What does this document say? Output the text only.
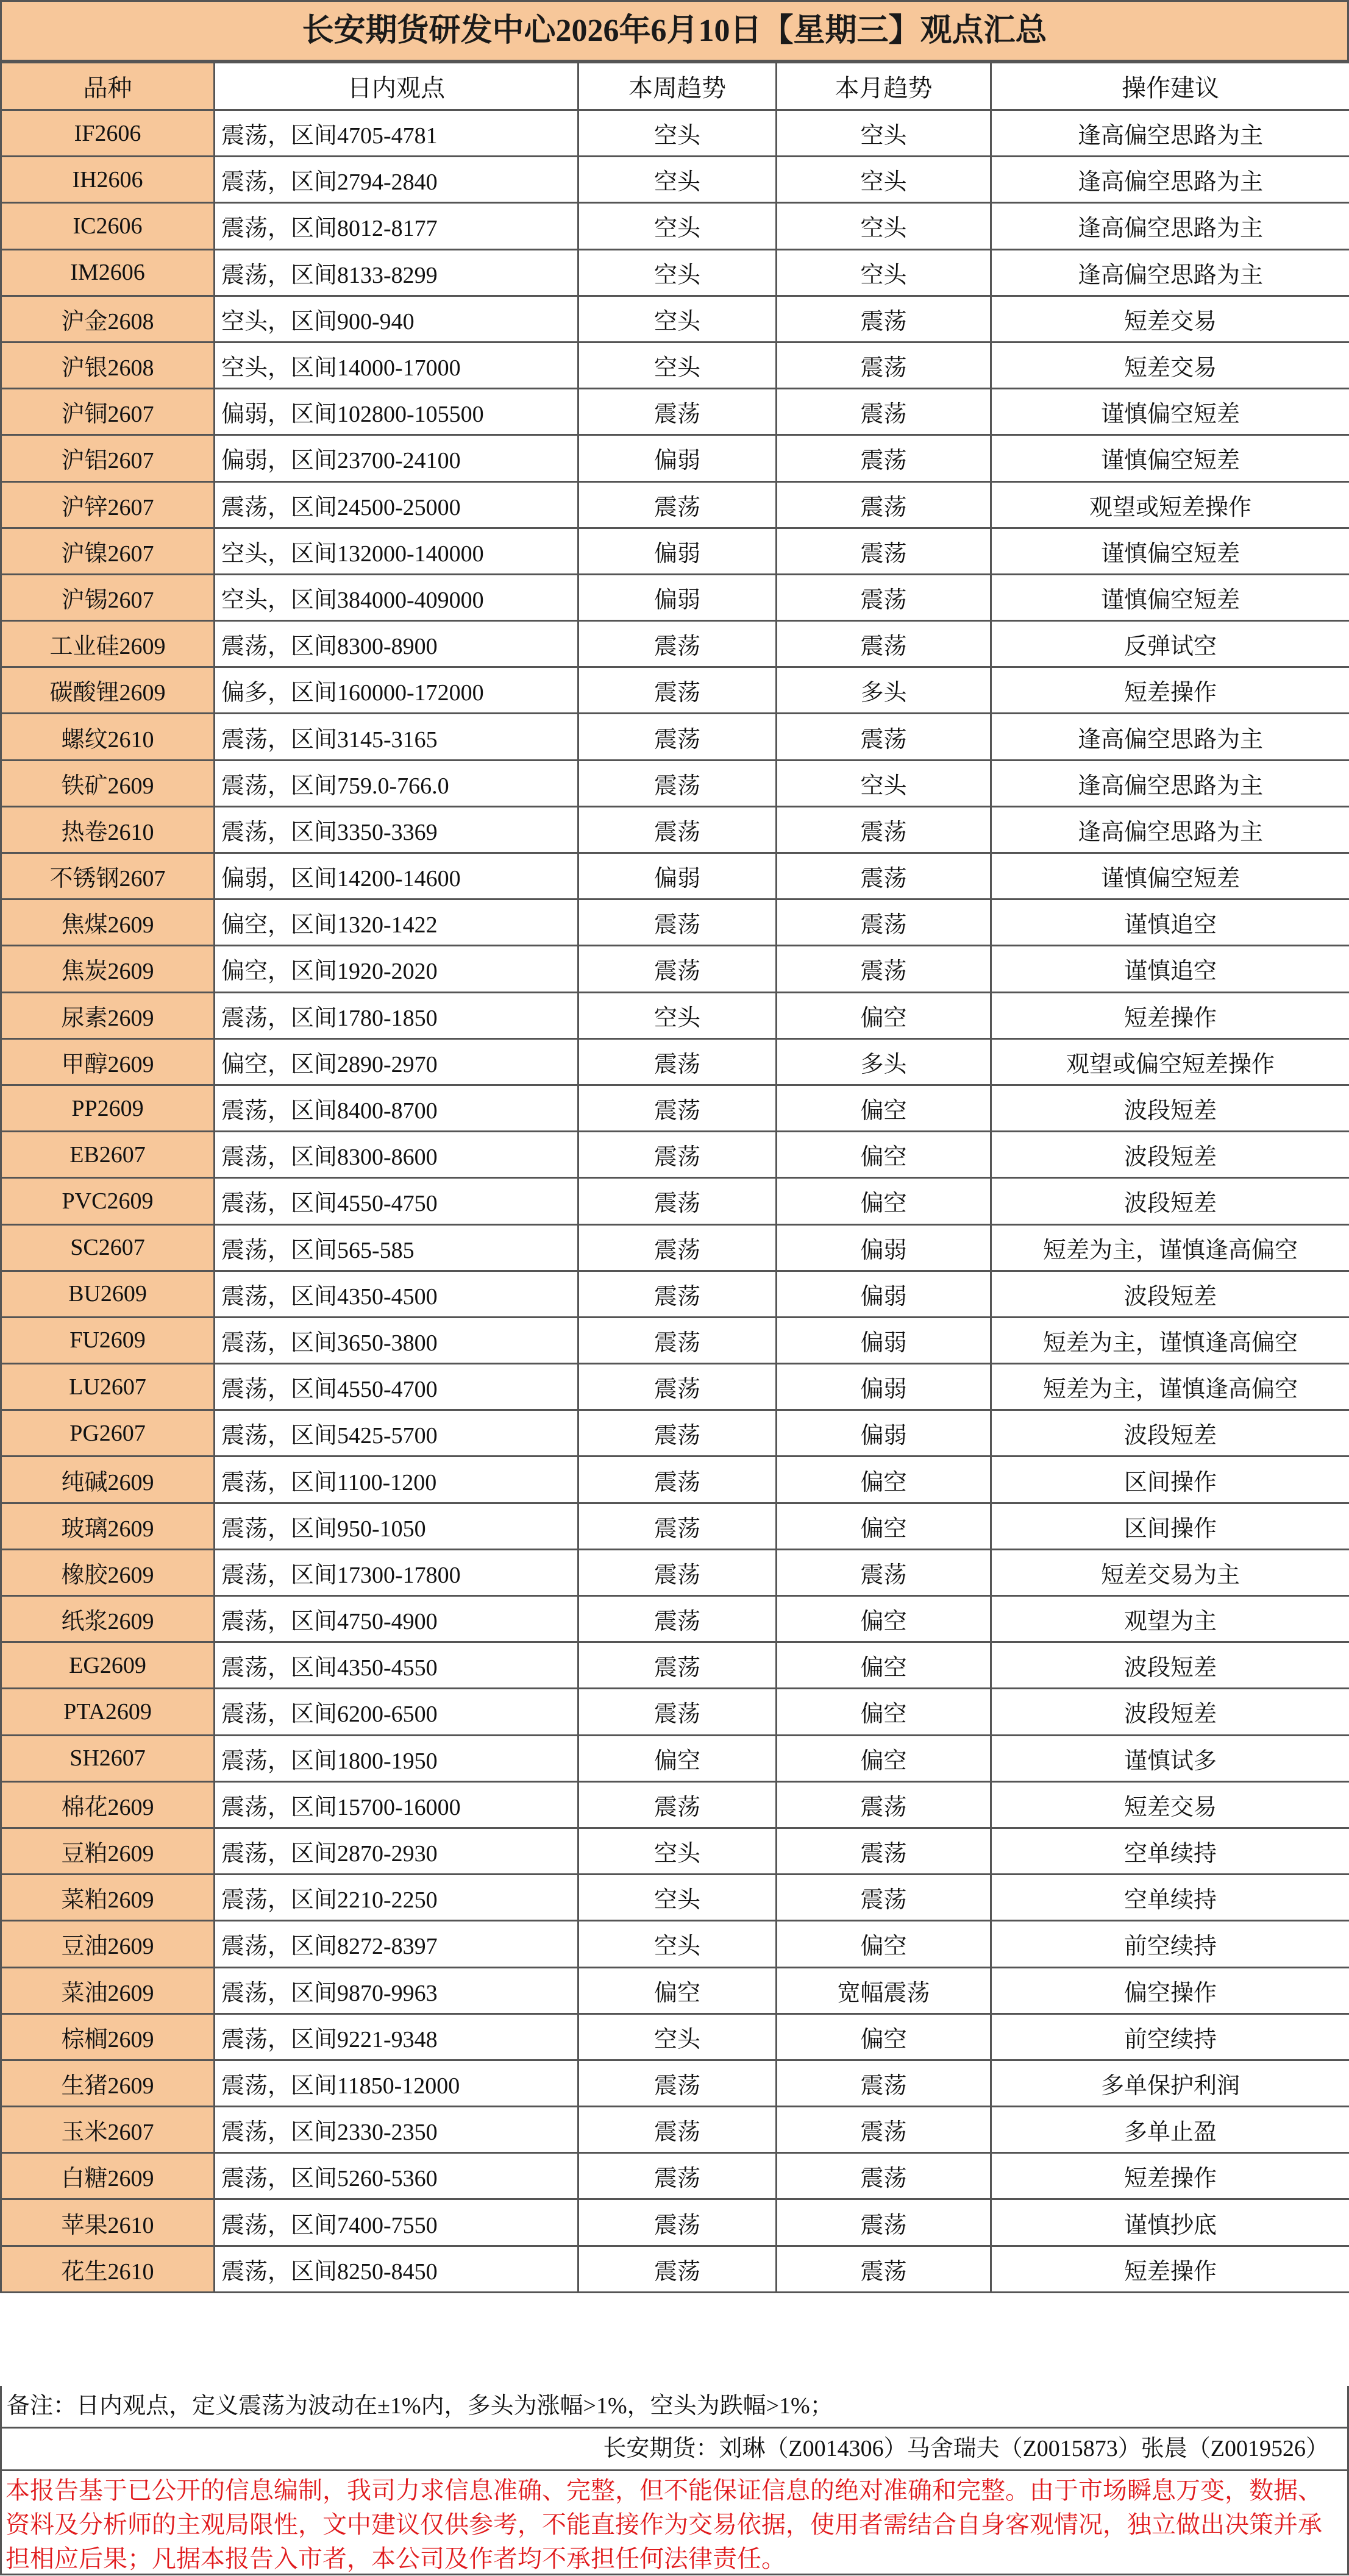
长安期货研发中心2026年6月10日【星期三】观点汇总
品种	日内观点	本周趋势	本月趋势	操作建议
IF2606	震荡，区间4705-4781	空头	空头	逢高偏空思路为主
IH2606	震荡，区间2794-2840	空头	空头	逢高偏空思路为主
IC2606	震荡，区间8012-8177	空头	空头	逢高偏空思路为主
IM2606	震荡，区间8133-8299	空头	空头	逢高偏空思路为主
沪金2608	空头，区间900-940	空头	震荡	短差交易
沪银2608	空头，区间14000-17000	空头	震荡	短差交易
沪铜2607	偏弱，区间102800-105500	震荡	震荡	谨慎偏空短差
沪铝2607	偏弱，区间23700-24100	偏弱	震荡	谨慎偏空短差
沪锌2607	震荡，区间24500-25000	震荡	震荡	观望或短差操作
沪镍2607	空头，区间132000-140000	偏弱	震荡	谨慎偏空短差
沪锡2607	空头，区间384000-409000	偏弱	震荡	谨慎偏空短差
工业硅2609	震荡，区间8300-8900	震荡	震荡	反弹试空
碳酸锂2609	偏多，区间160000-172000	震荡	多头	短差操作
螺纹2610	震荡，区间3145-3165	震荡	震荡	逢高偏空思路为主
铁矿2609	震荡，区间759.0-766.0	震荡	空头	逢高偏空思路为主
热卷2610	震荡，区间3350-3369	震荡	震荡	逢高偏空思路为主
不锈钢2607	偏弱，区间14200-14600	偏弱	震荡	谨慎偏空短差
焦煤2609	偏空，区间1320-1422	震荡	震荡	谨慎追空
焦炭2609	偏空，区间1920-2020	震荡	震荡	谨慎追空
尿素2609	震荡，区间1780-1850	空头	偏空	短差操作
甲醇2609	偏空，区间2890-2970	震荡	多头	观望或偏空短差操作
PP2609	震荡，区间8400-8700	震荡	偏空	波段短差
EB2607	震荡，区间8300-8600	震荡	偏空	波段短差
PVC2609	震荡，区间4550-4750	震荡	偏空	波段短差
SC2607	震荡，区间565-585	震荡	偏弱	短差为主，谨慎逢高偏空
BU2609	震荡，区间4350-4500	震荡	偏弱	波段短差
FU2609	震荡，区间3650-3800	震荡	偏弱	短差为主，谨慎逢高偏空
LU2607	震荡，区间4550-4700	震荡	偏弱	短差为主，谨慎逢高偏空
PG2607	震荡，区间5425-5700	震荡	偏弱	波段短差
纯碱2609	震荡，区间1100-1200	震荡	偏空	区间操作
玻璃2609	震荡，区间950-1050	震荡	偏空	区间操作
橡胶2609	震荡，区间17300-17800	震荡	震荡	短差交易为主
纸浆2609	震荡，区间4750-4900	震荡	偏空	观望为主
EG2609	震荡，区间4350-4550	震荡	偏空	波段短差
PTA2609	震荡，区间6200-6500	震荡	偏空	波段短差
SH2607	震荡，区间1800-1950	偏空	偏空	谨慎试多
棉花2609	震荡，区间15700-16000	震荡	震荡	短差交易
豆粕2609	震荡，区间2870-2930	空头	震荡	空单续持
菜粕2609	震荡，区间2210-2250	空头	震荡	空单续持
豆油2609	震荡，区间8272-8397	空头	偏空	前空续持
菜油2609	震荡，区间9870-9963	偏空	宽幅震荡	偏空操作
棕榈2609	震荡，区间9221-9348	空头	偏空	前空续持
生猪2609	震荡，区间11850-12000	震荡	震荡	多单保护利润
玉米2607	震荡，区间2330-2350	震荡	震荡	多单止盈
白糖2609	震荡，区间5260-5360	震荡	震荡	短差操作
苹果2610	震荡，区间7400-7550	震荡	震荡	谨慎抄底
花生2610	震荡，区间8250-8450	震荡	震荡	短差操作
备注：日内观点，定义震荡为波动在±1%内，多头为涨幅>1%，空头为跌幅>1%；
长安期货：刘琳（Z0014306）马舍瑞夫（Z0015873）张晨（Z0019526）
本报告基于已公开的信息编制，我司力求信息准确、完整，但不能保证信息的绝对准确和完整。由于市场瞬息万变，数据、资料及分析师的主观局限性，文中建议仅供参考，不能直接作为交易依据，使用者需结合自身客观情况，独立做出决策并承担相应后果；凡据本报告入市者，本公司及作者均不承担任何法律责任。
